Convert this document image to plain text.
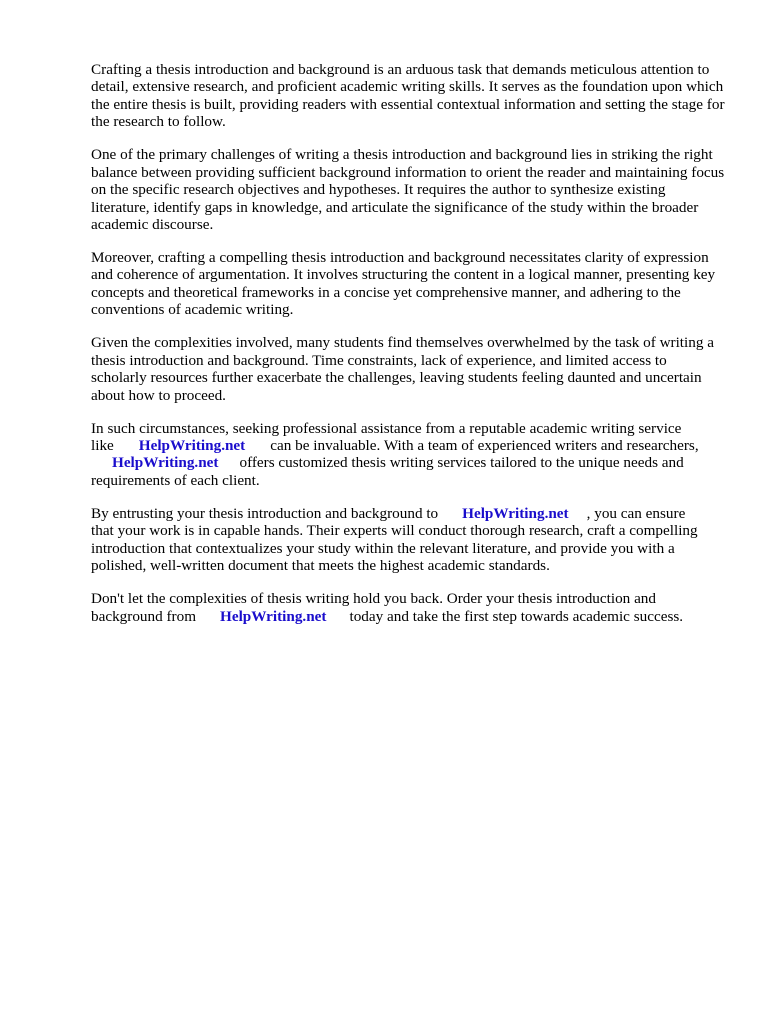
Crafting a thesis introduction and background is an arduous task that demands meticulous attention to detail, extensive research, and proficient academic writing skills. It serves as the foundation upon which the entire thesis is built, providing readers with essential contextual information and setting the stage for the research to follow.

One of the primary challenges of writing a thesis introduction and background lies in striking the right balance between providing sufficient background information to orient the reader and maintaining focus on the specific research objectives and hypotheses. It requires the author to synthesize existing literature, identify gaps in knowledge, and articulate the significance of the study within the broader academic discourse.

Moreover, crafting a compelling thesis introduction and background necessitates clarity of expression and coherence of argumentation. It involves structuring the content in a logical manner, presenting key concepts and theoretical frameworks in a concise yet comprehensive manner, and adhering to the conventions of academic writing.

Given the complexities involved, many students find themselves overwhelmed by the task of writing a thesis introduction and background. Time constraints, lack of experience, and limited access to scholarly resources further exacerbate the challenges, leaving students feeling daunted and uncertain about how to proceed.

In such circumstances, seeking professional assistance from a reputable academic writing service
like HelpWriting.net can be invaluable. With a team of experienced writers and researchers,
HelpWriting.net offers customized thesis writing services tailored to the unique needs and
requirements of each client.

By entrusting your thesis introduction and background to HelpWriting.net , you can ensure
that your work is in capable hands. Their experts will conduct thorough research, craft a compelling
introduction that contextualizes your study within the relevant literature, and provide you with a
polished, well-written document that meets the highest academic standards.

Don't let the complexities of thesis writing hold you back. Order your thesis introduction and
background from HelpWriting.net today and take the first step towards academic success.
